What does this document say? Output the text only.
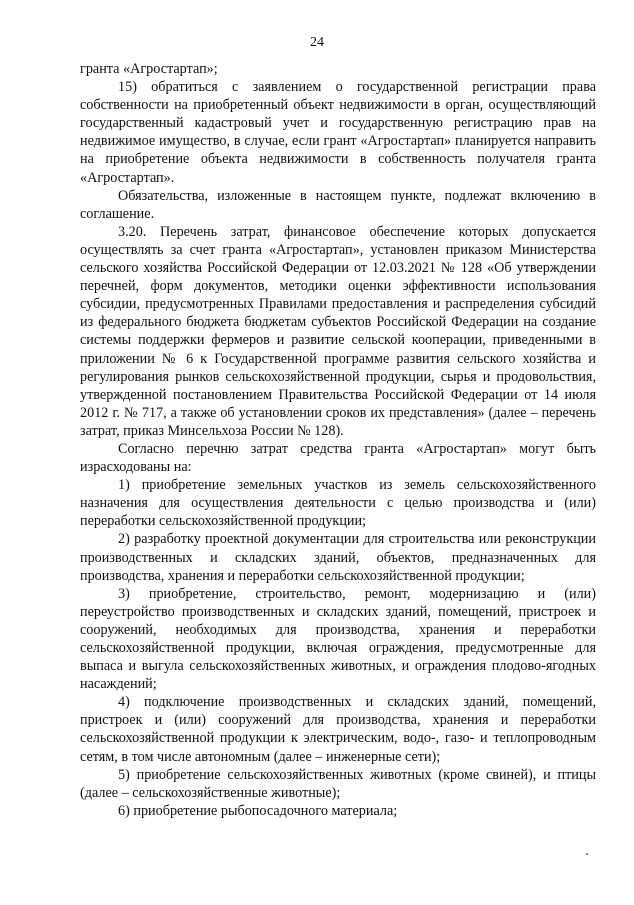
24

гранта «Агростартап»;

15) обратиться с заявлением о государственной регистрации права собственности на приобретенный объект недвижимости в орган, осуществляющий государственный кадастровый учет и государственную регистрацию прав на недвижимое имущество, в случае, если грант «Агростартап» планируется направить на приобретение объекта недвижимости в собственность получателя гранта «Агростартап».

Обязательства, изложенные в настоящем пункте, подлежат включению в соглашение.

3.20. Перечень затрат, финансовое обеспечение которых допускается осуществлять за счет гранта «Агростартап», установлен приказом Министерства сельского хозяйства Российской Федерации от 12.03.2021 № 128 «Об утверждении перечней, форм документов, методики оценки эффективности использования субсидии, предусмотренных Правилами предоставления и распределения субсидий из федерального бюджета бюджетам субъектов Российской Федерации на создание системы поддержки фермеров и развитие сельской кооперации, приведенными в приложении № 6 к Государственной программе развития сельского хозяйства и регулирования рынков сельскохозяйственной продукции, сырья и продовольствия, утвержденной постановлением Правительства Российской Федерации от 14 июля 2012 г. № 717, а также об установлении сроков их представления» (далее – перечень затрат, приказ Минсельхоза России № 128).

Согласно перечню затрат средства гранта «Агростартап» могут быть израсходованы на:

1) приобретение земельных участков из земель сельскохозяйственного назначения для осуществления деятельности с целью производства и (или) переработки сельскохозяйственной продукции;

2) разработку проектной документации для строительства или реконструкции производственных и складских зданий, объектов, предназначенных для производства, хранения и переработки сельскохозяйственной продукции;

3) приобретение, строительство, ремонт, модернизацию и (или) переустройство производственных и складских зданий, помещений, пристроек и сооружений, необходимых для производства, хранения и переработки сельскохозяйственной продукции, включая ограждения, предусмотренные для выпаса и выгула сельскохозяйственных животных, и ограждения плодово-ягодных насаждений;

4) подключение производственных и складских зданий, помещений, пристроек и (или) сооружений для производства, хранения и переработки сельскохозяйственной продукции к электрическим, водо-, газо- и теплопроводным сетям, в том числе автономным (далее – инженерные сети);

5) приобретение сельскохозяйственных животных (кроме свиней), и птицы (далее – сельскохозяйственные животные);

6) приобретение рыбопосадочного материала;
